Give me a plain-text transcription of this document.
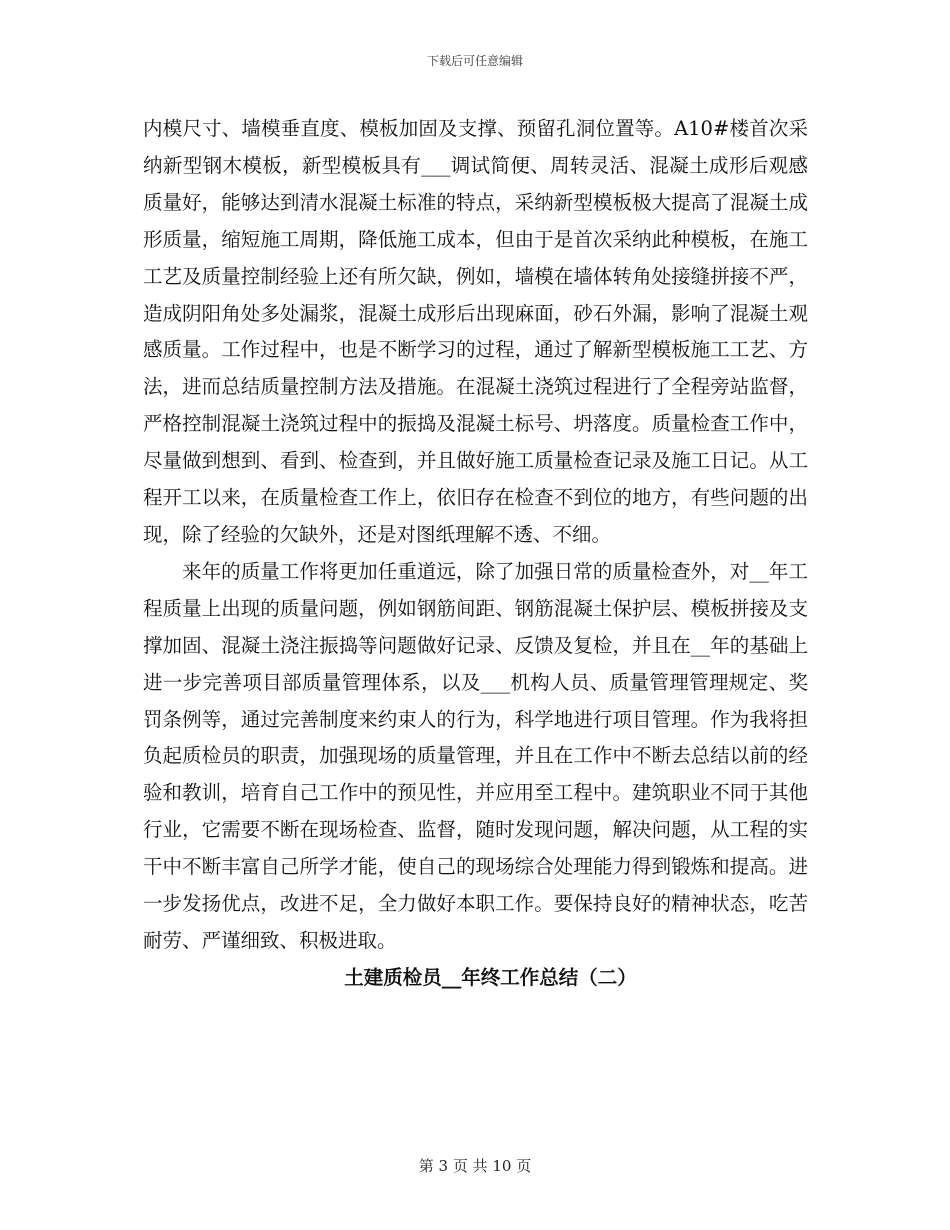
下载后可任意编辑

内模尺寸、墙模垂直度、模板加固及支撑、预留孔洞位置等。A10#楼首次采纳新型钢木模板，新型模板具有___调试简便、周转灵活、混凝土成形后观感质量好，能够达到清水混凝土标准的特点，采纳新型模板极大提高了混凝土成形质量，缩短施工周期，降低施工成本，但由于是首次采纳此种模板，在施工工艺及质量控制经验上还有所欠缺，例如，墙模在墙体转角处接缝拼接不严，造成阴阳角处多处漏浆，混凝土成形后出现麻面，砂石外漏，影响了混凝土观感质量。工作过程中，也是不断学习的过程，通过了解新型模板施工工艺、方法，进而总结质量控制方法及措施。在混凝土浇筑过程进行了全程旁站监督，严格控制混凝土浇筑过程中的振捣及混凝土标号、坍落度。质量检查工作中，尽量做到想到、看到、检查到，并且做好施工质量检查记录及施工日记。从工程开工以来，在质量检查工作上，依旧存在检查不到位的地方，有些问题的出现，除了经验的欠缺外，还是对图纸理解不透、不细。

来年的质量工作将更加任重道远，除了加强日常的质量检查外，对__年工程质量上出现的质量问题，例如钢筋间距、钢筋混凝土保护层、模板拼接及支撑加固、混凝土浇注振捣等问题做好记录、反馈及复检，并且在__年的基础上进一步完善项目部质量管理体系，以及___机构人员、质量管理管理规定、奖罚条例等，通过完善制度来约束人的行为，科学地进行项目管理。作为我将担负起质检员的职责，加强现场的质量管理，并且在工作中不断去总结以前的经验和教训，培育自己工作中的预见性，并应用至工程中。建筑职业不同于其他行业，它需要不断在现场检查、监督，随时发现问题，解决问题，从工程的实干中不断丰富自己所学才能，使自己的现场综合处理能力得到锻炼和提高。进一步发扬优点，改进不足，全力做好本职工作。要保持良好的精神状态，吃苦耐劳、严谨细致、积极进取。

土建质检员__年终工作总结（二）

第 3 页 共 10 页
